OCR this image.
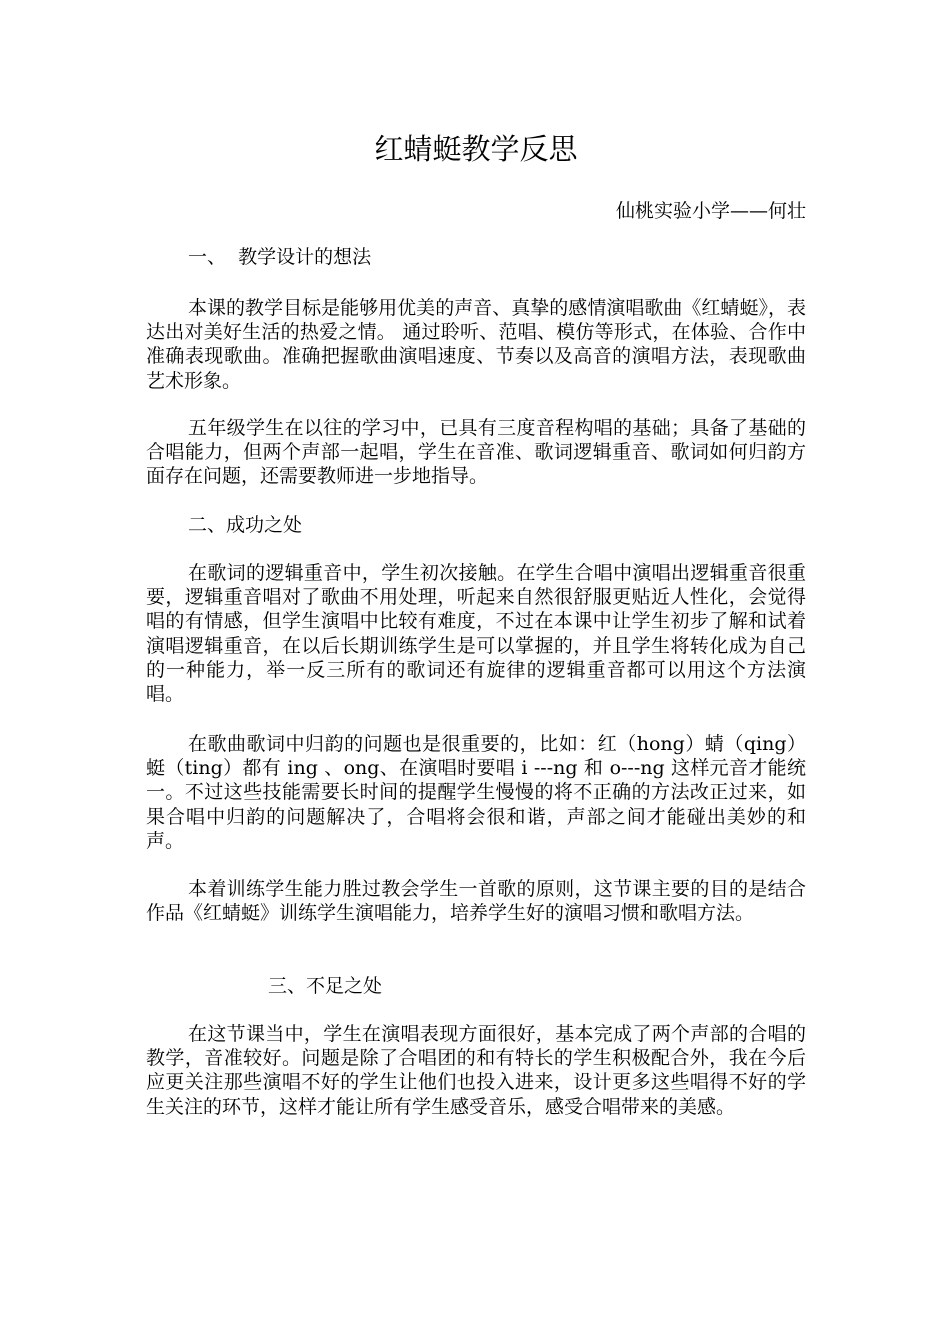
红蜻蜓教学反思

仙桃实验小学——何壮

一、  教学设计的想法

本课的教学目标是能够用优美的声音、真挚的感情演唱歌曲《红蜻蜓》，表达出对美好生活的热爱之情。 通过聆听、范唱、模仿等形式，在体验、合作中准确表现歌曲。准确把握歌曲演唱速度、节奏以及高音的演唱方法，表现歌曲艺术形象。

五年级学生在以往的学习中，已具有三度音程构唱的基础；具备了基础的合唱能力，但两个声部一起唱，学生在音准、歌词逻辑重音、歌词如何归韵方面存在问题，还需要教师进一步地指导。

二、成功之处

在歌词的逻辑重音中，学生初次接触。在学生合唱中演唱出逻辑重音很重要，逻辑重音唱对了歌曲不用处理，听起来自然很舒服更贴近人性化，会觉得唱的有情感，但学生演唱中比较有难度，不过在本课中让学生初步了解和试着演唱逻辑重音，在以后长期训练学生是可以掌握的，并且学生将转化成为自己的一种能力，举一反三所有的歌词还有旋律的逻辑重音都可以用这个方法演唱。

在歌曲歌词中归韵的问题也是很重要的，比如：红（hong）蜻（qing）蜓（ting）都有 ing 、ong、在演唱时要唱 i ---ng 和 o---ng 这样元音才能统一。不过这些技能需要长时间的提醒学生慢慢的将不正确的方法改正过来，如果合唱中归韵的问题解决了，合唱将会很和谐，声部之间才能碰出美妙的和声。

本着训练学生能力胜过教会学生一首歌的原则，这节课主要的目的是结合作品《红蜻蜓》训练学生演唱能力，培养学生好的演唱习惯和歌唱方法。

三、不足之处

在这节课当中，学生在演唱表现方面很好，基本完成了两个声部的合唱的教学，音准较好。问题是除了合唱团的和有特长的学生积极配合外，我在今后应更关注那些演唱不好的学生让他们也投入进来，设计更多这些唱得不好的学生关注的环节，这样才能让所有学生感受音乐，感受合唱带来的美感。
